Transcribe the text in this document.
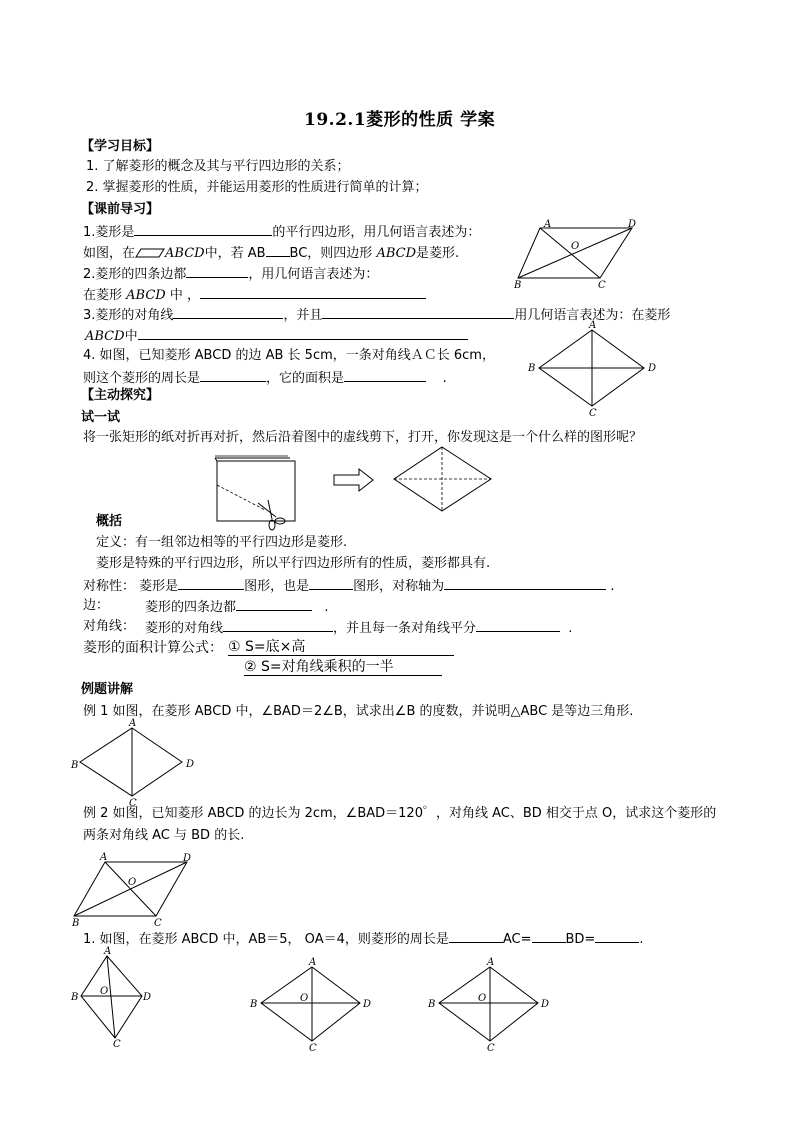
19.2.1菱形的性质 学案
【学习目标】
1. 了解菱形的概念及其与平行四边形的关系；
2. 掌握菱形的性质，并能运用菱形的性质进行简单的计算；
【课前导习】
1.菱形是	的平行四边形，用几何语言表述为：
如图，在 ABCD中，若 AB BC，则四边形 ABCD是菱形.
2.菱形的四条边都	，用几何语言表述为：
在菱形 ABCD 中 ，
3.菱形的对角线	，并且	用几何语言表述为：在菱形
ABCD中
4. 如图，已知菱形 ABCD 的边 AB 长 5cm，一条对角线ＡＣ长 6cm，
则这个菱形的周长是	，它的面积是	.
A	D
B	C
O
A
B	D
C
【主动探究】
试一试
将一张矩形的纸对折再对折，然后沿着图中的虚线剪下，打开，你发现这是一个什么样的图形呢？
概括
定义：有一组邻边相等的平行四边形是菱形.
菱形是特殊的平行四边形，所以平行四边形所有的性质，菱形都具有.
对称性： 菱形是	图形，也是	图形，对称轴为	.
边：	菱形的四条边都	.
对角线： 菱形的对角线	，并且每一条对角线平分	.
菱形的面积计算公式： ① S=底×高
② S=对角线乘积的一半
例题讲解
例 1 如图，在菱形 ABCD 中，∠BAD＝2∠B，试求出∠B 的度数，并说明△ABC 是等边三角形.
A
B	D
C
例 2 如图，已知菱形 ABCD 的边长为 2cm，∠BAD＝120゜，对角线 AC、BD 相交于点 O，试求这个菱形的
两条对角线 AC 与 BD 的长.
A	D
B	C
O
1. 如图，在菱形 ABCD 中，AB＝5， OA＝4，则菱形的周长是	AC=	BD=	.
A
B	D
C
O
A
B	D
C
O
A
B	D
C
O
